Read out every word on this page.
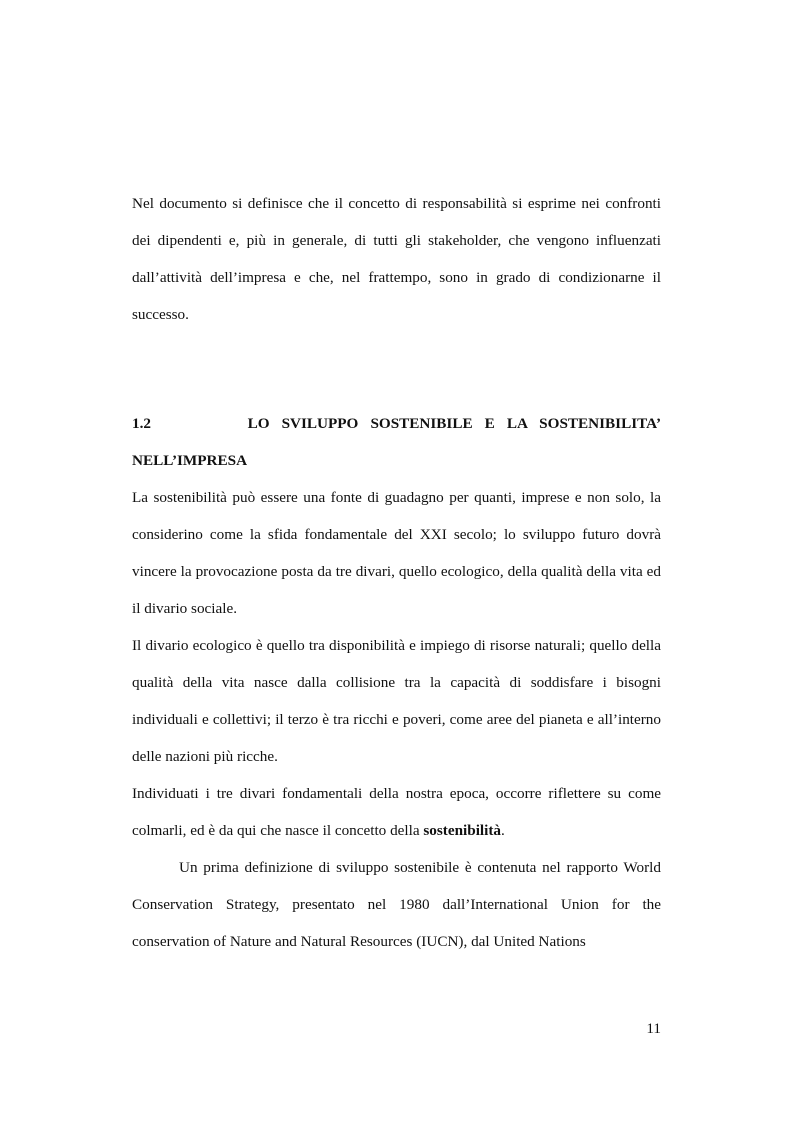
Nel documento si definisce che il concetto di responsabilità si esprime nei confronti dei dipendenti e, più in generale, di tutti gli stakeholder, che vengono influenzati dall’attività dell’impresa e che, nel frattempo, sono in grado di condizionarne il successo.

1.2	LO SVILUPPO SOSTENIBILE E LA SOSTENIBILITA’

NELL’IMPRESA

La sostenibilità può essere una fonte di guadagno per quanti, imprese e non solo, la considerino come la sfida fondamentale del XXI secolo; lo sviluppo futuro dovrà vincere la provocazione posta da tre divari, quello ecologico, della qualità della vita ed il divario sociale.

Il divario ecologico è quello tra disponibilità e impiego di risorse naturali; quello della qualità della vita nasce dalla collisione tra la capacità di soddisfare i bisogni individuali e collettivi; il terzo è tra ricchi e poveri, come aree del pianeta e all’interno delle nazioni più ricche.

Individuati i tre divari fondamentali della nostra epoca, occorre riflettere su come colmarli, ed è da qui che nasce il concetto della sostenibilità.

Un prima definizione di sviluppo sostenibile è contenuta nel rapporto World Conservation Strategy, presentato nel 1980 dall’International Union for the conservation of Nature and Natural Resources (IUCN), dal United Nations

11
